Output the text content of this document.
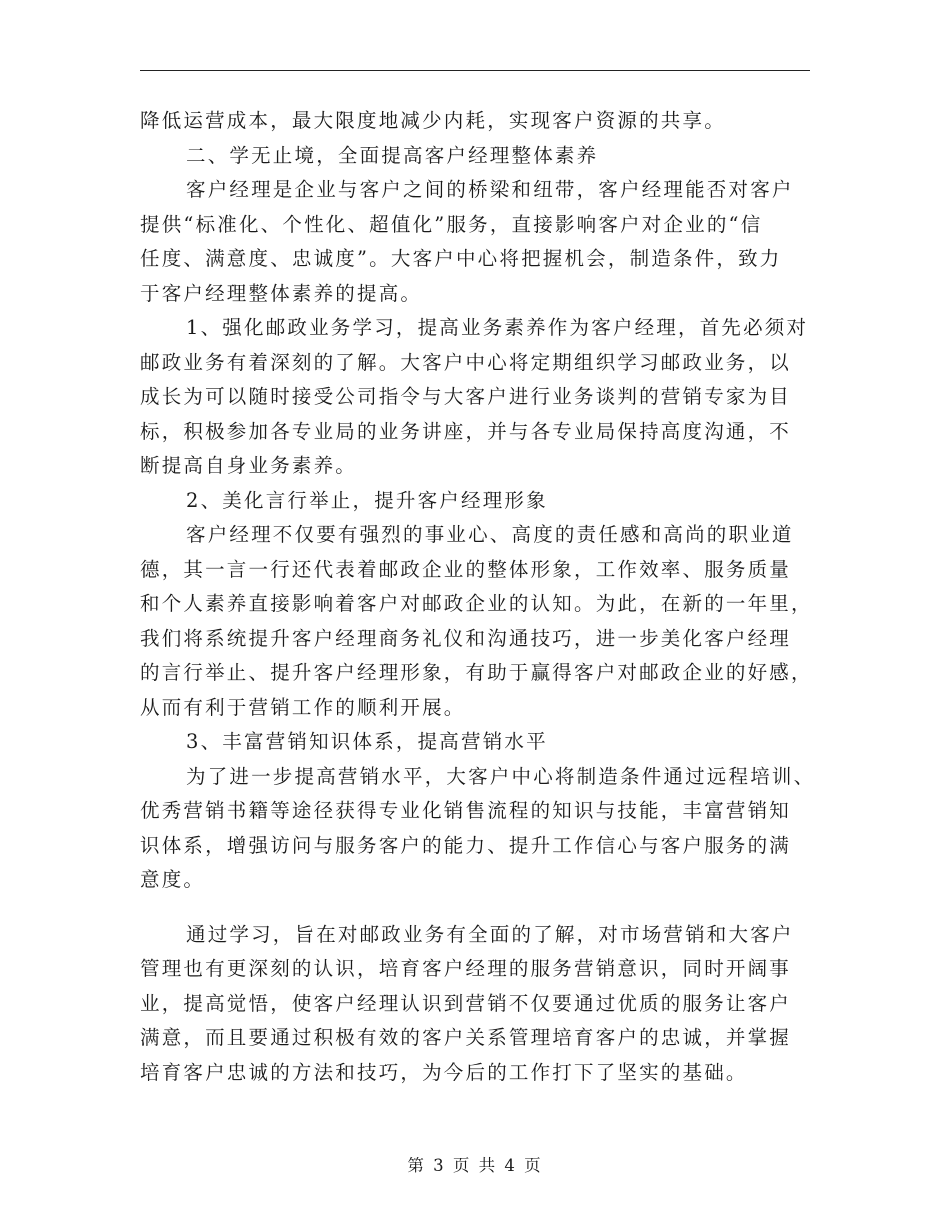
降低运营成本，最大限度地减少内耗，实现客户资源的共享。
二、学无止境，全面提高客户经理整体素养
客户经理是企业与客户之间的桥梁和纽带，客户经理能否对客户
提供“标准化、个性化、超值化”服务，直接影响客户对企业的“信
任度、满意度、忠诚度”。大客户中心将把握机会，制造条件，致力
于客户经理整体素养的提高。
1、强化邮政业务学习，提高业务素养作为客户经理，首先必须对
邮政业务有着深刻的了解。大客户中心将定期组织学习邮政业务，以
成长为可以随时接受公司指令与大客户进行业务谈判的营销专家为目
标，积极参加各专业局的业务讲座，并与各专业局保持高度沟通，不
断提高自身业务素养。
2、美化言行举止，提升客户经理形象
客户经理不仅要有强烈的事业心、高度的责任感和高尚的职业道
德，其一言一行还代表着邮政企业的整体形象，工作效率、服务质量
和个人素养直接影响着客户对邮政企业的认知。为此，在新的一年里，
我们将系统提升客户经理商务礼仪和沟通技巧，进一步美化客户经理
的言行举止、提升客户经理形象，有助于赢得客户对邮政企业的好感，
从而有利于营销工作的顺利开展。
3、丰富营销知识体系，提高营销水平
为了进一步提高营销水平，大客户中心将制造条件通过远程培训、
优秀营销书籍等途径获得专业化销售流程的知识与技能，丰富营销知
识体系，增强访问与服务客户的能力、提升工作信心与客户服务的满
意度。
通过学习，旨在对邮政业务有全面的了解，对市场营销和大客户
管理也有更深刻的认识，培育客户经理的服务营销意识，同时开阔事
业，提高觉悟，使客户经理认识到营销不仅要通过优质的服务让客户
满意，而且要通过积极有效的客户关系管理培育客户的忠诚，并掌握
培育客户忠诚的方法和技巧，为今后的工作打下了坚实的基础。
第 3 页 共 4 页
